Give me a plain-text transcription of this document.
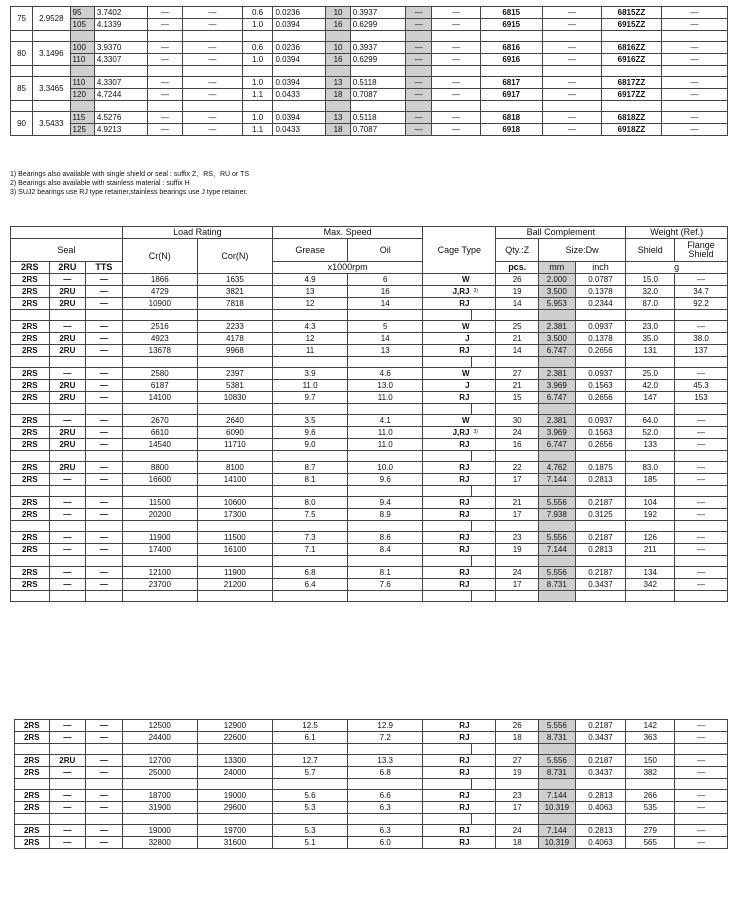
75	2.9528	95	3.7402	—	—	0.6	0.0236	10	0.3937	—	—	6815	—	6815ZZ	—
		105	4.1339	—	—	1.0	0.0394	16	0.6299	—	—	6915	—	6915ZZ	—

80	3.1496	100	3.9370	—	—	0.6	0.0236	10	0.3937	—	—	6816	—	6816ZZ	—
		110	4.3307	—	—	1.0	0.0394	16	0.6299	—	—	6916	—	6916ZZ	—

85	3.3465	110	4.3307	—	—	1.0	0.0394	13	0.5118	—	—	6817	—	6817ZZ	—
		120	4.7244	—	—	1.1	0.0433	18	0.7087	—	—	6917	—	6917ZZ	—

90	3.5433	115	4.5276	—	—	1.0	0.0394	13	0.5118	—	—	6818	—	6818ZZ	—
		125	4.9213	—	—	1.1	0.0433	18	0.7087	—	—	6918	—	6918ZZ	—
1) Bearings also available with single shield or seal : suffix Z、RS、RU or TS
2) Bearings also available with stainless material : suffix H
3) SUJ2 bearings use RJ type retainer,stainless bearings use J type retainer.
			Load Rating		Max. Speed		Cage Type		Ball Complement			Weight (Ref.)	
Seal			Cr(N)	Cor(N)	Grease	Oil			Qty.:Z	Size:Dw		Shield	Flange Shield
2RS	2RU	TTS			x1000rpm				pcs.	mm	inch	g	
2RS	—	—	1866	1635	4.9	6	W		26	2.000	0.0787	15.0	—
2RS	2RU	—	4729	3821	13	16	J,RJ	3)	19	3.500	0.1378	32.0	34.7
2RS	2RU	—	10900	7818	12	14	RJ		14	5.953	0.2344	87.0	92.2

2RS	—	—	2516	2233	4.3	5	W		25	2.381	0.0937	23.0	—
2RS	2RU	—	4923	4178	12	14	J		21	3.500	0.1378	35.0	38.0
2RS	2RU	—	13678	9968	11	13	RJ		14	6.747	0.2656	131	137

2RS	—	—	2580	2397	3.9	4.6	W		27	2.381	0.0937	25.0	—
2RS	2RU	—	6187	5381	11.0	13.0	J		21	3.969	0.1563	42.0	45.3
2RS	2RU	—	14100	10830	9.7	11.0	RJ		15	6.747	0.2656	147	153

2RS	—	—	2670	2640	3.5	4.1	W		30	2.381	0.0937	64.0	—
2RS	2RU	—	6610	6090	9.6	11.0	J,RJ	3)	24	3.969	0.1563	52.0	—
2RS	2RU	—	14540	11710	9.0	11.0	RJ		16	6.747	0.2656	133	—

2RS	2RU	—	8800	8100	8.7	10.0	RJ		22	4.762	0.1875	83.0	—
2RS	—	—	16600	14100	8.1	9.6	RJ		17	7.144	0.2813	185	—

2RS	—	—	11500	10600	8.0	9.4	RJ		21	5.556	0.2187	104	—
2RS	—	—	20200	17300	7.5	8.9	RJ		17	7.938	0.3125	192	—

2RS	—	—	11900	11500	7.3	8.6	RJ		23	5.556	0.2187	126	—
2RS	—	—	17400	16100	7.1	8.4	RJ		19	7.144	0.2813	211	—

2RS	—	—	12100	11900	6.8	8.1	RJ		24	5.556	0.2187	134	—
2RS	—	—	23700	21200	6.4	7.6	RJ		17	8.731	0.3437	342	—

2RS	—	—	12500	12900	12.5	12.9	RJ		26	5.556	0.2187	142	—
2RS	—	—	24400	22600	6.1	7.2	RJ		18	8.731	0.3437	363	—

2RS	2RU	—	12700	13300	12.7	13.3	RJ		27	5.556	0.2187	150	—
2RS	—	—	25000	24000	5.7	6.8	RJ		19	8.731	0.3437	382	—

2RS	—	—	18700	19000	5.6	6.6	RJ		23	7.144	0.2813	266	—
2RS	—	—	31900	29600	5.3	6.3	RJ		17	10.319	0.4063	535	—

2RS	—	—	19000	19700	5.3	6.3	RJ		24	7.144	0.2813	279	—
2RS	—	—	32800	31600	5.1	6.0	RJ		18	10.319	0.4063	565	—
